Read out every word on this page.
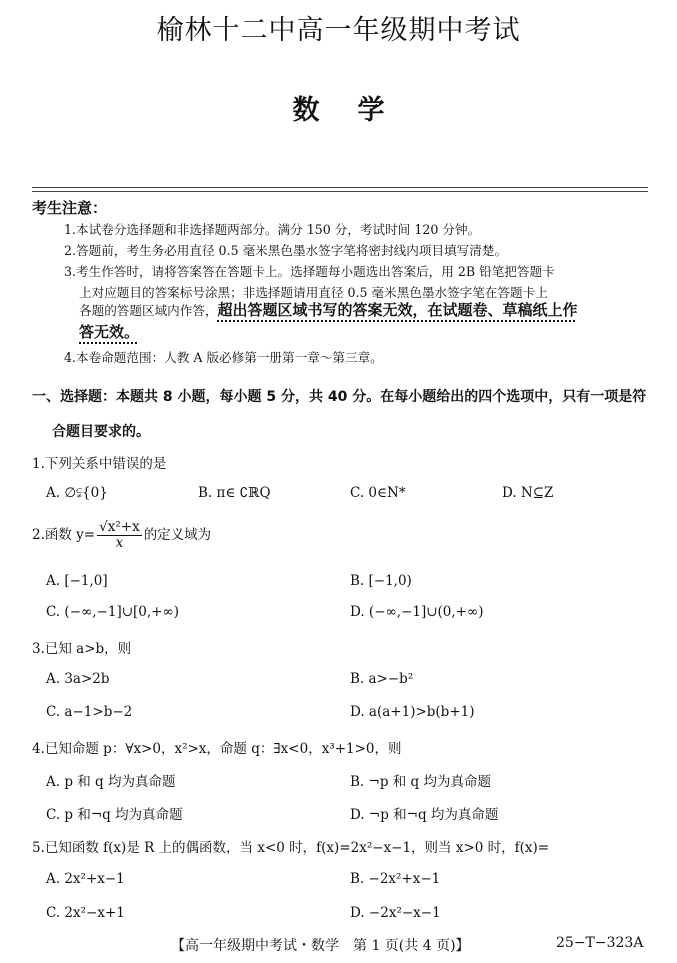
榆林十二中高一年级期中考试
数学
考生注意：
1.本试卷分选择题和非选择题两部分。满分 150 分，考试时间 120 分钟。
2.答题前，考生务必用直径 0.5 毫米黑色墨水签字笔将密封线内项目填写清楚。
3.考生作答时，请将答案答在答题卡上。选择题每小题选出答案后，用 2B 铅笔把答题卡
上对应题目的答案标号涂黑；非选择题请用直径 0.5 毫米黑色墨水签字笔在答题卡上
各题的答题区域内作答，超出答题区域书写的答案无效，在试题卷、草稿纸上作
答无效。
4.本卷命题范围：人教 A 版必修第一册第一章～第三章。
一、选择题：本题共 8 小题，每小题 5 分，共 40 分。在每小题给出的四个选项中，只有一项是符
合题目要求的。
1.下列关系中错误的是
A. ∅⫋{0}	B. π∈ ∁ℝQ	C. 0∈N*	D. N⊆Z
2.函数 $y= \frac{\text{√x²+x}}{x}$ 的定义域为
A. [−1,0]	B. [−1,0)
C. (−∞,−1]∪[0,+∞)	D. (−∞,−1]∪(0,+∞)
3.已知 a>b，则
A. 3a>2b	B. a>−b²
C. a−1>b−2	D. a(a+1)>b(b+1)
4.已知命题 p：∀x>0，x²>x，命题 q：∃x<0，x³+1>0，则
A. p 和 q 均为真命题	B. ¬p 和 q 均为真命题
C. p 和¬q 均为真命题	D. ¬p 和¬q 均为真命题
5.已知函数 f(x)是 R 上的偶函数，当 x<0 时，f(x)=2x²−x−1，则当 x>0 时，f(x)=
A. 2x²+x−1	B. −2x²+x−1
C. 2x²−x+1	D. −2x²−x−1
【高一年级期中考试・数学　第 1 页(共 4 页)】	25−T−323A
